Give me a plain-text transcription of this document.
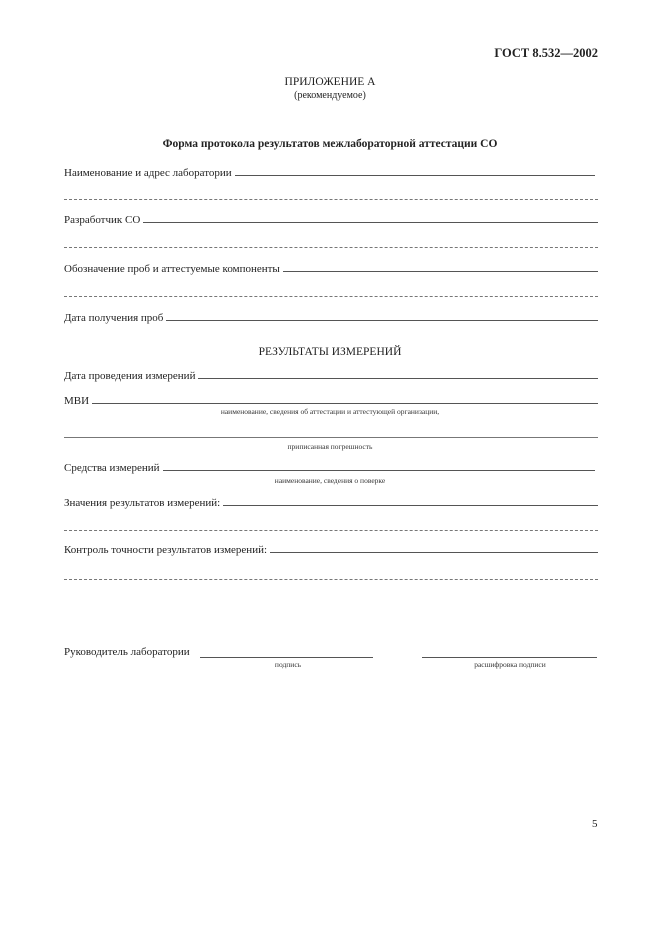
ГОСТ 8.532—2002
ПРИЛОЖЕНИЕ А
(рекомендуемое)
Форма протокола результатов межлабораторной аттестации СО
Наименование и адрес лаборатории
Разработчик СО
Обозначение проб и аттестуемые компоненты
Дата получения проб
РЕЗУЛЬТАТЫ ИЗМЕРЕНИЙ
Дата проведения измерений
МВИ
наименование, сведения об аттестации и аттестующей организации,
приписанная погрешность
Средства измерений
наименование, сведения о поверке
Значения результатов измерений:
Контроль точности результатов измерений:
Руководитель лаборатории
подпись	расшифровка подписи
5
